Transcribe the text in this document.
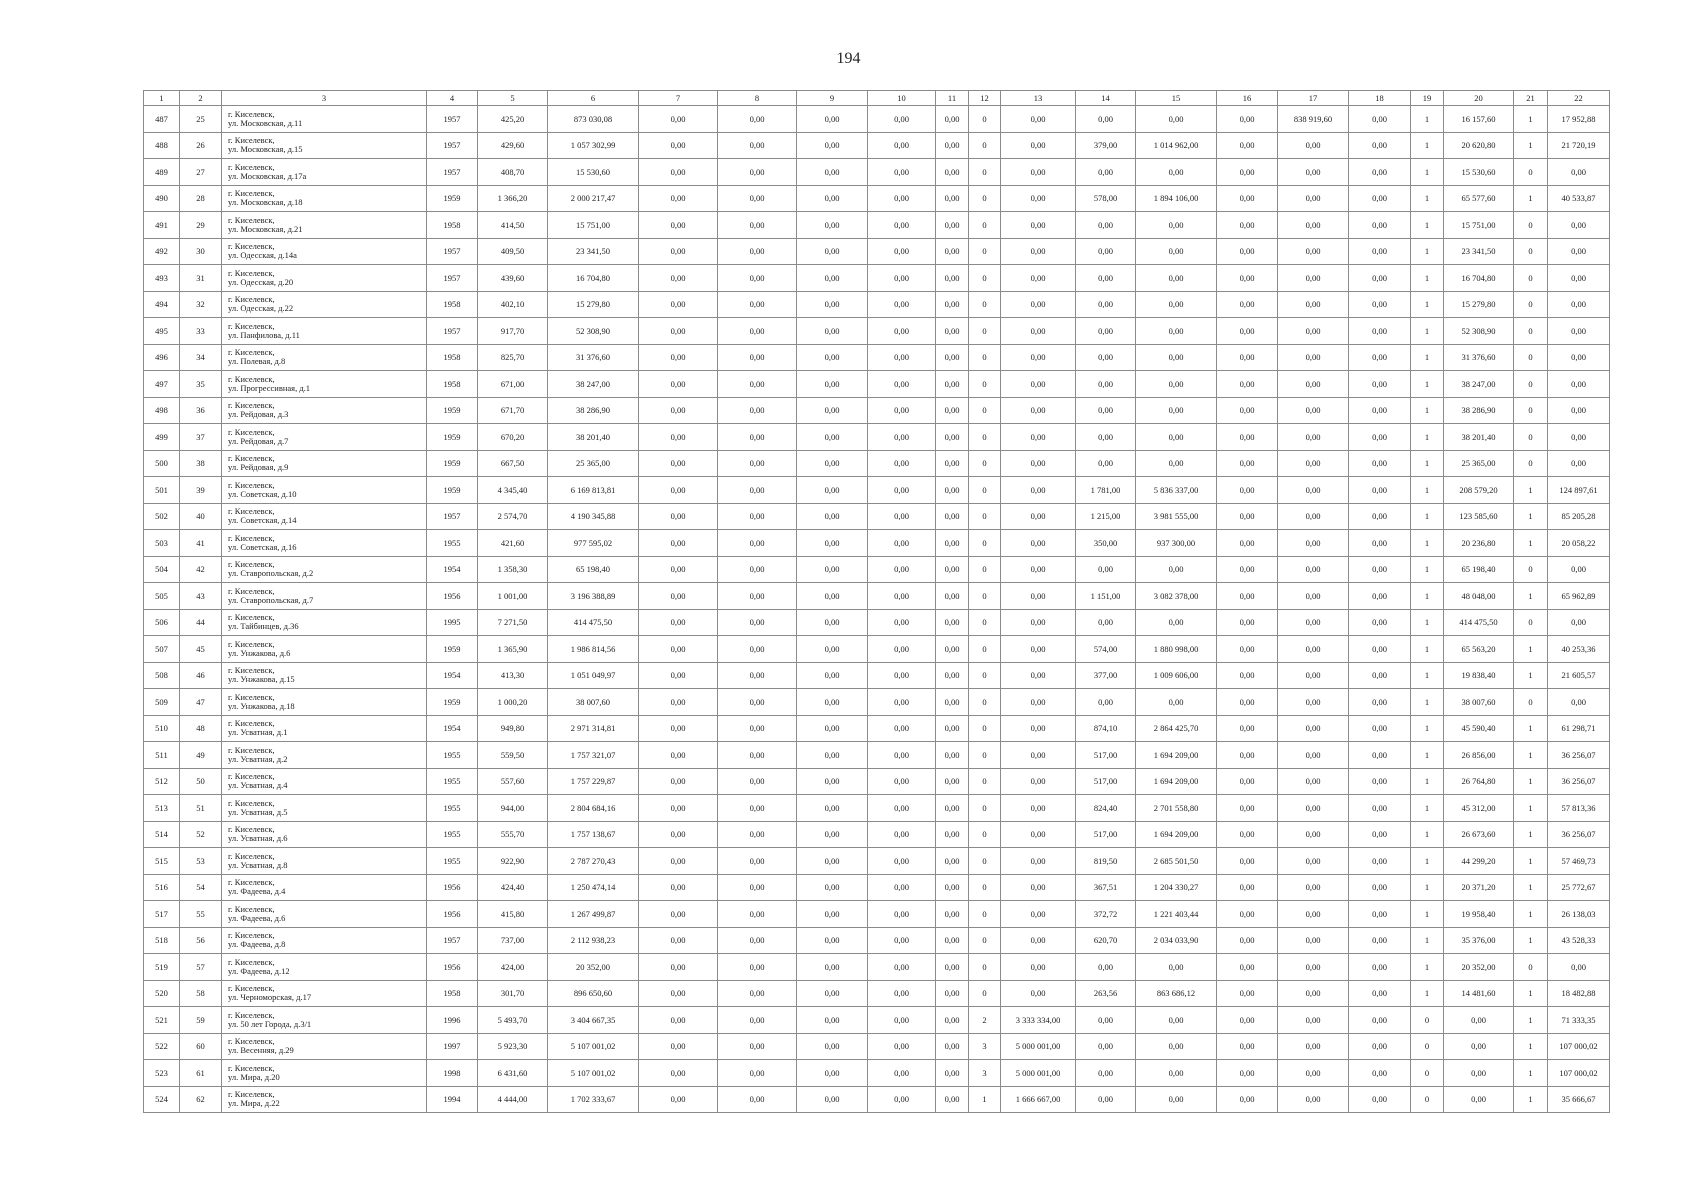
194
1	2	3	4	5	6	7	8	9	10	11	12	13	14	15	16	17	18	19	20	21	22
487	25	г. Киселевск,
ул. Московская, д.11	1957	425,20	873 030,08	0,00	0,00	0,00	0,00	0,00	0	0,00	0,00	0,00	0,00	838 919,60	0,00	1	16 157,60	1	17 952,88
488	26	г. Киселевск,
ул. Московская, д.15	1957	429,60	1 057 302,99	0,00	0,00	0,00	0,00	0,00	0	0,00	379,00	1 014 962,00	0,00	0,00	0,00	1	20 620,80	1	21 720,19
489	27	г. Киселевск,
ул. Московская, д.17а	1957	408,70	15 530,60	0,00	0,00	0,00	0,00	0,00	0	0,00	0,00	0,00	0,00	0,00	0,00	1	15 530,60	0	0,00
490	28	г. Киселевск,
ул. Московская, д.18	1959	1 366,20	2 000 217,47	0,00	0,00	0,00	0,00	0,00	0	0,00	578,00	1 894 106,00	0,00	0,00	0,00	1	65 577,60	1	40 533,87
491	29	г. Киселевск,
ул. Московская, д.21	1958	414,50	15 751,00	0,00	0,00	0,00	0,00	0,00	0	0,00	0,00	0,00	0,00	0,00	0,00	1	15 751,00	0	0,00
492	30	г. Киселевск,
ул. Одесская, д.14а	1957	409,50	23 341,50	0,00	0,00	0,00	0,00	0,00	0	0,00	0,00	0,00	0,00	0,00	0,00	1	23 341,50	0	0,00
493	31	г. Киселевск,
ул. Одесская, д.20	1957	439,60	16 704,80	0,00	0,00	0,00	0,00	0,00	0	0,00	0,00	0,00	0,00	0,00	0,00	1	16 704,80	0	0,00
494	32	г. Киселевск,
ул. Одесская, д.22	1958	402,10	15 279,80	0,00	0,00	0,00	0,00	0,00	0	0,00	0,00	0,00	0,00	0,00	0,00	1	15 279,80	0	0,00
495	33	г. Киселевск,
ул. Панфилова, д.11	1957	917,70	52 308,90	0,00	0,00	0,00	0,00	0,00	0	0,00	0,00	0,00	0,00	0,00	0,00	1	52 308,90	0	0,00
496	34	г. Киселевск,
ул. Полевая, д.8	1958	825,70	31 376,60	0,00	0,00	0,00	0,00	0,00	0	0,00	0,00	0,00	0,00	0,00	0,00	1	31 376,60	0	0,00
497	35	г. Киселевск,
ул. Прогрессивная, д.1	1958	671,00	38 247,00	0,00	0,00	0,00	0,00	0,00	0	0,00	0,00	0,00	0,00	0,00	0,00	1	38 247,00	0	0,00
498	36	г. Киселевск,
ул. Рейдовая, д.3	1959	671,70	38 286,90	0,00	0,00	0,00	0,00	0,00	0	0,00	0,00	0,00	0,00	0,00	0,00	1	38 286,90	0	0,00
499	37	г. Киселевск,
ул. Рейдовая, д.7	1959	670,20	38 201,40	0,00	0,00	0,00	0,00	0,00	0	0,00	0,00	0,00	0,00	0,00	0,00	1	38 201,40	0	0,00
500	38	г. Киселевск,
ул. Рейдовая, д.9	1959	667,50	25 365,00	0,00	0,00	0,00	0,00	0,00	0	0,00	0,00	0,00	0,00	0,00	0,00	1	25 365,00	0	0,00
501	39	г. Киселевск,
ул. Советская, д.10	1959	4 345,40	6 169 813,81	0,00	0,00	0,00	0,00	0,00	0	0,00	1 781,00	5 836 337,00	0,00	0,00	0,00	1	208 579,20	1	124 897,61
502	40	г. Киселевск,
ул. Советская, д.14	1957	2 574,70	4 190 345,88	0,00	0,00	0,00	0,00	0,00	0	0,00	1 215,00	3 981 555,00	0,00	0,00	0,00	1	123 585,60	1	85 205,28
503	41	г. Киселевск,
ул. Советская, д.16	1955	421,60	977 595,02	0,00	0,00	0,00	0,00	0,00	0	0,00	350,00	937 300,00	0,00	0,00	0,00	1	20 236,80	1	20 058,22
504	42	г. Киселевск,
ул. Ставропольская, д.2	1954	1 358,30	65 198,40	0,00	0,00	0,00	0,00	0,00	0	0,00	0,00	0,00	0,00	0,00	0,00	1	65 198,40	0	0,00
505	43	г. Киселевск,
ул. Ставропольская, д.7	1956	1 001,00	3 196 388,89	0,00	0,00	0,00	0,00	0,00	0	0,00	1 151,00	3 082 378,00	0,00	0,00	0,00	1	48 048,00	1	65 962,89
506	44	г. Киселевск,
ул. Тайбинцев, д.36	1995	7 271,50	414 475,50	0,00	0,00	0,00	0,00	0,00	0	0,00	0,00	0,00	0,00	0,00	0,00	1	414 475,50	0	0,00
507	45	г. Киселевск,
ул. Унжакова, д.6	1959	1 365,90	1 986 814,56	0,00	0,00	0,00	0,00	0,00	0	0,00	574,00	1 880 998,00	0,00	0,00	0,00	1	65 563,20	1	40 253,36
508	46	г. Киселевск,
ул. Унжакова, д.15	1954	413,30	1 051 049,97	0,00	0,00	0,00	0,00	0,00	0	0,00	377,00	1 009 606,00	0,00	0,00	0,00	1	19 838,40	1	21 605,57
509	47	г. Киселевск,
ул. Унжакова, д.18	1959	1 000,20	38 007,60	0,00	0,00	0,00	0,00	0,00	0	0,00	0,00	0,00	0,00	0,00	0,00	1	38 007,60	0	0,00
510	48	г. Киселевск,
ул. Усватная, д.1	1954	949,80	2 971 314,81	0,00	0,00	0,00	0,00	0,00	0	0,00	874,10	2 864 425,70	0,00	0,00	0,00	1	45 590,40	1	61 298,71
511	49	г. Киселевск,
ул. Усватная, д.2	1955	559,50	1 757 321,07	0,00	0,00	0,00	0,00	0,00	0	0,00	517,00	1 694 209,00	0,00	0,00	0,00	1	26 856,00	1	36 256,07
512	50	г. Киселевск,
ул. Усватная, д.4	1955	557,60	1 757 229,87	0,00	0,00	0,00	0,00	0,00	0	0,00	517,00	1 694 209,00	0,00	0,00	0,00	1	26 764,80	1	36 256,07
513	51	г. Киселевск,
ул. Усватная, д.5	1955	944,00	2 804 684,16	0,00	0,00	0,00	0,00	0,00	0	0,00	824,40	2 701 558,80	0,00	0,00	0,00	1	45 312,00	1	57 813,36
514	52	г. Киселевск,
ул. Усватная, д.6	1955	555,70	1 757 138,67	0,00	0,00	0,00	0,00	0,00	0	0,00	517,00	1 694 209,00	0,00	0,00	0,00	1	26 673,60	1	36 256,07
515	53	г. Киселевск,
ул. Усватная, д.8	1955	922,90	2 787 270,43	0,00	0,00	0,00	0,00	0,00	0	0,00	819,50	2 685 501,50	0,00	0,00	0,00	1	44 299,20	1	57 469,73
516	54	г. Киселевск,
ул. Фадеева, д.4	1956	424,40	1 250 474,14	0,00	0,00	0,00	0,00	0,00	0	0,00	367,51	1 204 330,27	0,00	0,00	0,00	1	20 371,20	1	25 772,67
517	55	г. Киселевск,
ул. Фадеева, д.6	1956	415,80	1 267 499,87	0,00	0,00	0,00	0,00	0,00	0	0,00	372,72	1 221 403,44	0,00	0,00	0,00	1	19 958,40	1	26 138,03
518	56	г. Киселевск,
ул. Фадеева, д.8	1957	737,00	2 112 938,23	0,00	0,00	0,00	0,00	0,00	0	0,00	620,70	2 034 033,90	0,00	0,00	0,00	1	35 376,00	1	43 528,33
519	57	г. Киселевск,
ул. Фадеева, д.12	1956	424,00	20 352,00	0,00	0,00	0,00	0,00	0,00	0	0,00	0,00	0,00	0,00	0,00	0,00	1	20 352,00	0	0,00
520	58	г. Киселевск,
ул. Черноморская, д.17	1958	301,70	896 650,60	0,00	0,00	0,00	0,00	0,00	0	0,00	263,56	863 686,12	0,00	0,00	0,00	1	14 481,60	1	18 482,88
521	59	г. Киселевск,
ул. 50 лет Города, д.3/1	1996	5 493,70	3 404 667,35	0,00	0,00	0,00	0,00	0,00	2	3 333 334,00	0,00	0,00	0,00	0,00	0,00	0	0,00	1	71 333,35
522	60	г. Киселевск,
ул. Весенняя, д.29	1997	5 923,30	5 107 001,02	0,00	0,00	0,00	0,00	0,00	3	5 000 001,00	0,00	0,00	0,00	0,00	0,00	0	0,00	1	107 000,02
523	61	г. Киселевск,
ул. Мира, д.20	1998	6 431,60	5 107 001,02	0,00	0,00	0,00	0,00	0,00	3	5 000 001,00	0,00	0,00	0,00	0,00	0,00	0	0,00	1	107 000,02
524	62	г. Киселевск,
ул. Мира, д.22	1994	4 444,00	1 702 333,67	0,00	0,00	0,00	0,00	0,00	1	1 666 667,00	0,00	0,00	0,00	0,00	0,00	0	0,00	1	35 666,67
